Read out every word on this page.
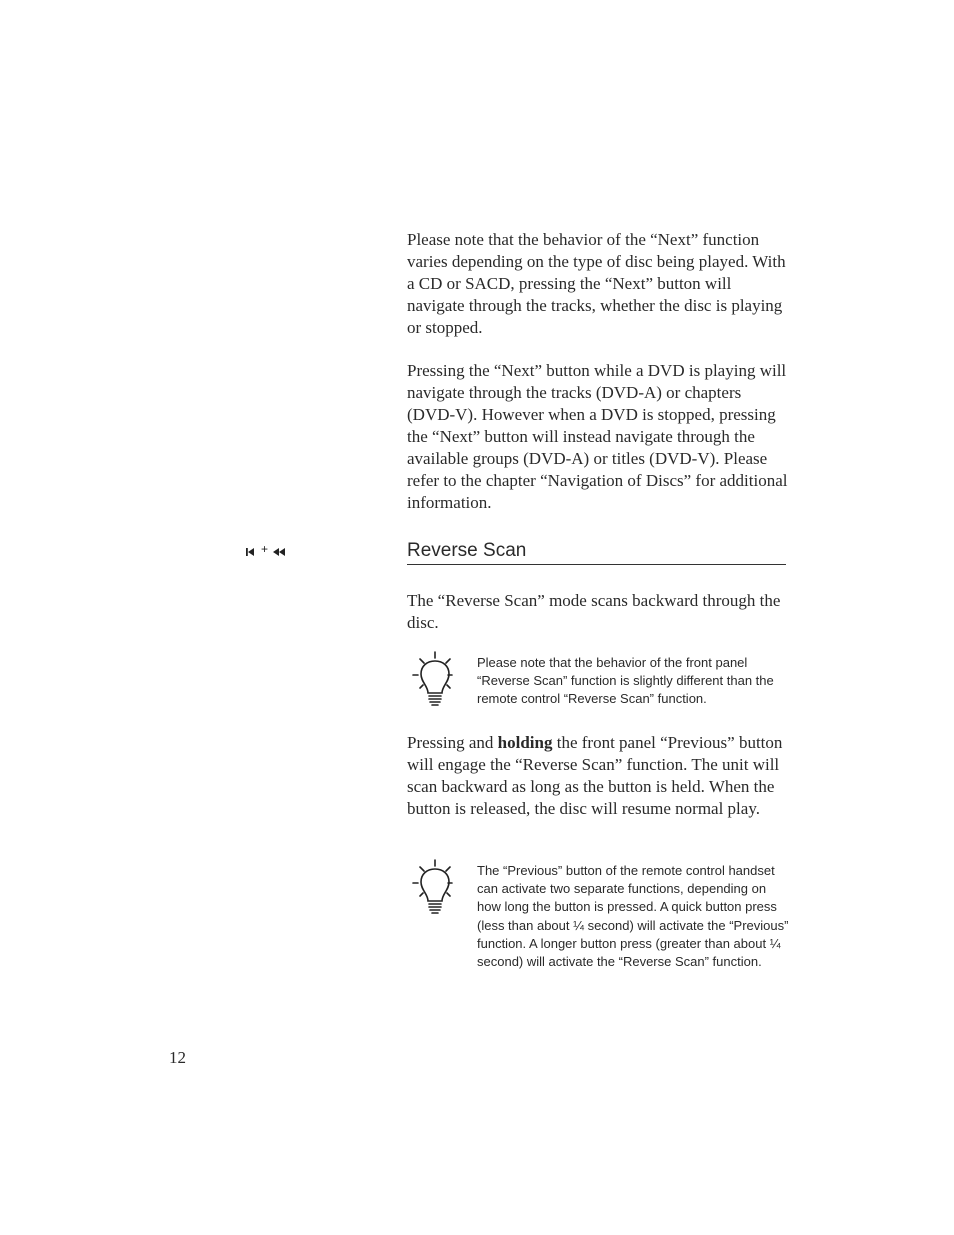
Please note that the behavior of the “Next” function varies depending on the type of disc being played. With a CD or SACD, pressing the “Next” button will navigate through the tracks, whether the disc is playing or stopped.

Pressing the “Next” button while a DVD is playing will navigate through the tracks (DVD-A) or chapters (DVD-V). However when a DVD is stopped, pressing the “Next” button will instead navigate through the available groups (DVD-A) or titles (DVD-V). Please refer to the chapter “Navigation of Discs” for additional information.

+	Reverse Scan

The “Reverse Scan” mode scans backward through the disc.

Please note that the behavior of the front panel “Reverse Scan” function is slightly different than the remote control “Reverse Scan” function.

Pressing and holding the front panel “Previous” button will engage the “Reverse Scan” function. The unit will scan backward as long as the button is held. When the button is released, the disc will resume normal play.

The “Previous” button of the remote control handset can activate two separate functions, depending on how long the button is pressed. A quick button press (less than about ¼ second) will activate the “Previous” function. A longer button press (greater than about ¼ second) will activate the “Reverse Scan” function.

12
